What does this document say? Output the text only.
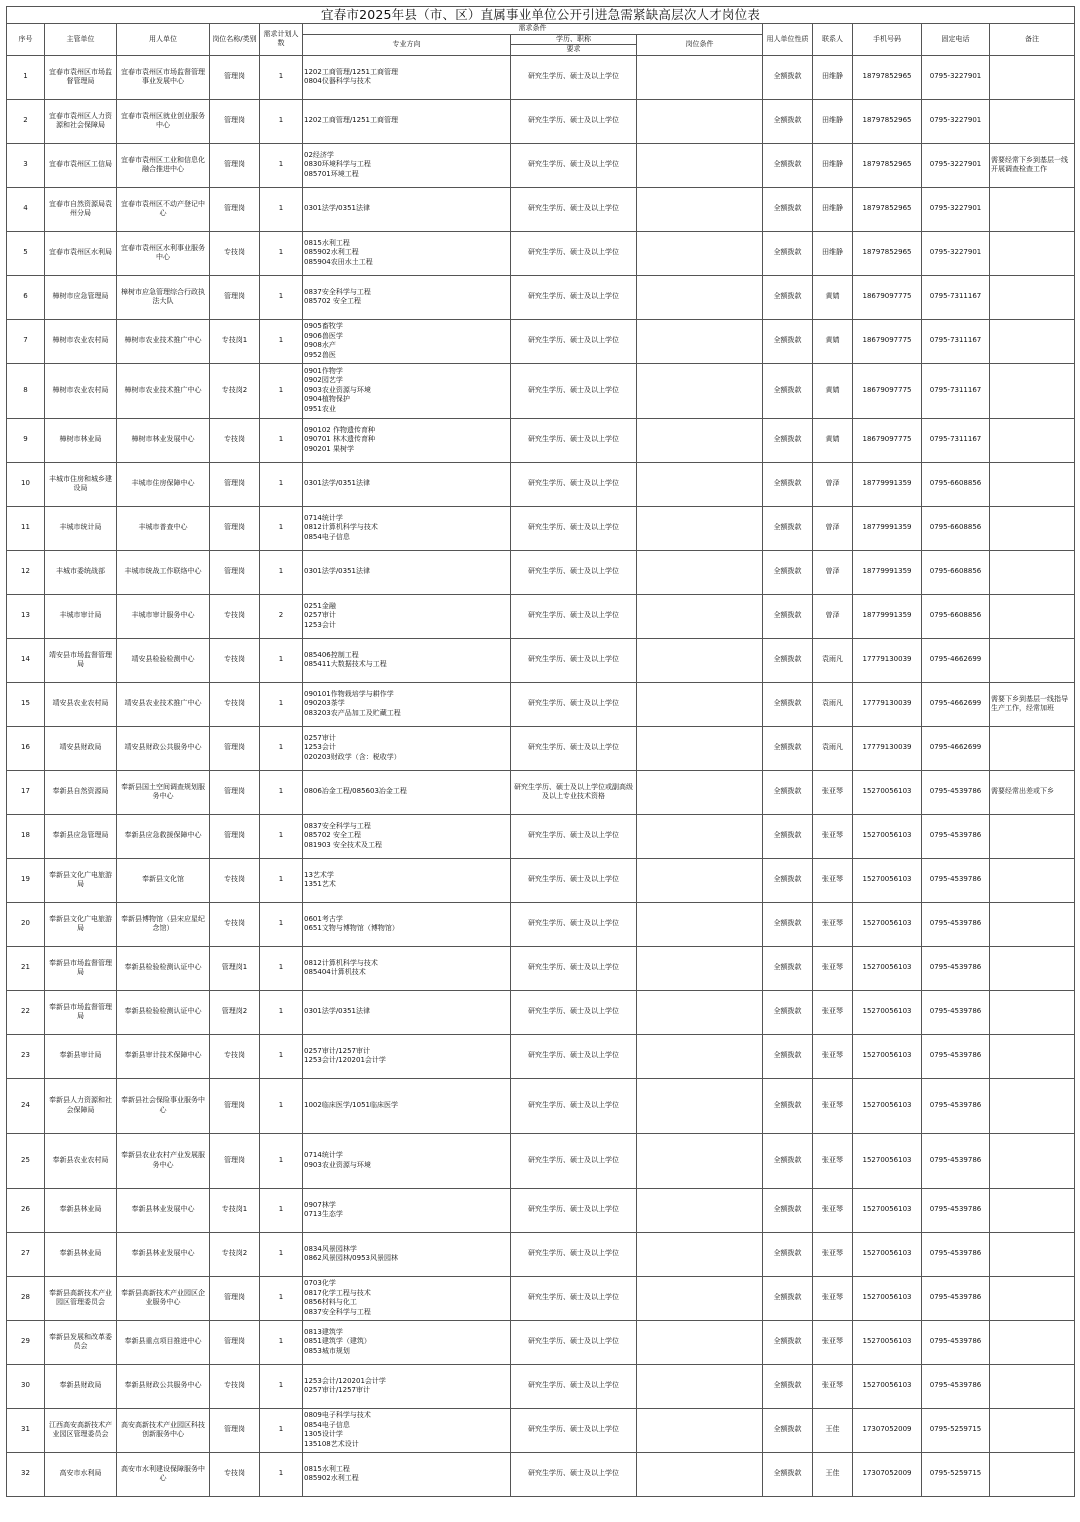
宜春市2025年县（市、区）直属事业单位公开引进急需紧缺高层次人才岗位表												
序号	主管单位	用人单位	岗位名称/类别	需求计划人数	需求条件			用人单位性质	联系人	手机号码	固定电话	备注
					专业方向	学历、职称	岗位条件					
						要求						
1	宜春市袁州区市场监督管理局	宜春市袁州区市场监督管理事业发展中心	管理岗	1	1202工商管理/1251工商管理
0804仪器科学与技术	研究生学历、硕士及以上学位		全额拨款	田维静	18797852965	0795-3227901	
2	宜春市袁州区人力资源和社会保障局	宜春市袁州区就业创业服务中心	管理岗	1	1202工商管理/1251工商管理	研究生学历、硕士及以上学位		全额拨款	田维静	18797852965	0795-3227901	
3	宜春市袁州区工信局	宜春市袁州区工业和信息化融合推进中心	管理岗	1	02经济学
0830环境科学与工程
085701环境工程	研究生学历、硕士及以上学位		全额拨款	田维静	18797852965	0795-3227901	需要经常下乡到基层一线开展调查检查工作
4	宜春市自然资源局袁州分局	宜春市袁州区不动产登记中心	管理岗	1	0301法学/0351法律	研究生学历、硕士及以上学位		全额拨款	田维静	18797852965	0795-3227901	
5	宜春市袁州区水利局	宜春市袁州区水利事业服务中心	专技岗	1	0815水利工程
085902水利工程
085904农田水土工程	研究生学历、硕士及以上学位		全额拨款	田维静	18797852965	0795-3227901	
6	樟树市应急管理局	樟树市应急管理综合行政执法大队	管理岗	1	0837安全科学与工程
085702 安全工程	研究生学历、硕士及以上学位		全额拨款	黄婧	18679097775	0795-7311167	
7	樟树市农业农村局	樟树市农业技术推广中心	专技岗1	1	0905畜牧学
0906兽医学
0908水产
0952兽医	研究生学历、硕士及以上学位		全额拨款	黄婧	18679097775	0795-7311167	
8	樟树市农业农村局	樟树市农业技术推广中心	专技岗2	1	0901作物学
0902园艺学
0903农业资源与环境
0904植物保护
0951农业	研究生学历、硕士及以上学位		全额拨款	黄婧	18679097775	0795-7311167	
9	樟树市林业局	樟树市林业发展中心	专技岗	1	090102 作物遗传育种
090701 林木遗传育种
090201 果树学	研究生学历、硕士及以上学位		全额拨款	黄婧	18679097775	0795-7311167	
10	丰城市住房和城乡建设局	丰城市住房保障中心	管理岗	1	0301法学/0351法律	研究生学历、硕士及以上学位		全额拨款	曾泽	18779991359	0795-6608856	
11	丰城市统计局	丰城市普查中心	管理岗	1	0714统计学
0812计算机科学与技术
0854电子信息	研究生学历、硕士及以上学位		全额拨款	曾泽	18779991359	0795-6608856	
12	丰城市委统战部	丰城市统战工作联络中心	管理岗	1	0301法学/0351法律	研究生学历、硕士及以上学位		全额拨款	曾泽	18779991359	0795-6608856	
13	丰城市审计局	丰城市审计服务中心	专技岗	2	0251金融
0257审计
1253会计	研究生学历、硕士及以上学位		全额拨款	曾泽	18779991359	0795-6608856	
14	靖安县市场监督管理局	靖安县检验检测中心	专技岗	1	085406控制工程
085411大数据技术与工程	研究生学历、硕士及以上学位		全额拨款	袁雨凡	17779130039	0795-4662699	
15	靖安县农业农村局	靖安县农业技术推广中心	专技岗	1	090101作物栽培学与耕作学
090203茶学
083203农产品加工及贮藏工程	研究生学历、硕士及以上学位		全额拨款	袁雨凡	17779130039	0795-4662699	需要下乡到基层一线指导生产工作，经常加班
16	靖安县财政局	靖安县财政公共服务中心	管理岗	1	0257审计
1253会计
020203财政学（含：税收学）	研究生学历、硕士及以上学位		全额拨款	袁雨凡	17779130039	0795-4662699	
17	奉新县自然资源局	奉新县国土空间调查规划服务中心	管理岗	1	0806冶金工程/085603冶金工程	研究生学历、硕士及以上学位或副高级及以上专业技术资格		全额拨款	张亚琴	15270056103	0795-4539786	需要经常出差或下乡
18	奉新县应急管理局	奉新县应急救援保障中心	管理岗	1	0837安全科学与工程
085702 安全工程
081903 安全技术及工程	研究生学历、硕士及以上学位		全额拨款	张亚琴	15270056103	0795-4539786	
19	奉新县文化广电旅游局	奉新县文化馆	专技岗	1	13艺术学
1351艺术	研究生学历、硕士及以上学位		全额拨款	张亚琴	15270056103	0795-4539786	
20	奉新县文化广电旅游局	奉新县博物馆（县宋应星纪念馆）	专技岗	1	0601考古学
0651文物与博物馆（博物馆）	研究生学历、硕士及以上学位		全额拨款	张亚琴	15270056103	0795-4539786	
21	奉新县市场监督管理局	奉新县检验检测认证中心	管理岗1	1	0812计算机科学与技术
085404计算机技术	研究生学历、硕士及以上学位		全额拨款	张亚琴	15270056103	0795-4539786	
22	奉新县市场监督管理局	奉新县检验检测认证中心	管理岗2	1	0301法学/0351法律	研究生学历、硕士及以上学位		全额拨款	张亚琴	15270056103	0795-4539786	
23	奉新县审计局	奉新县审计技术保障中心	专技岗	1	0257审计/1257审计
1253会计/120201会计学	研究生学历、硕士及以上学位		全额拨款	张亚琴	15270056103	0795-4539786	
24	奉新县人力资源和社会保障局	奉新县社会保险事业服务中心	管理岗	1	1002临床医学/1051临床医学	研究生学历、硕士及以上学位		全额拨款	张亚琴	15270056103	0795-4539786	
25	奉新县农业农村局	奉新县农业农村产业发展服务中心	管理岗	1	0714统计学
0903农业资源与环境	研究生学历、硕士及以上学位		全额拨款	张亚琴	15270056103	0795-4539786	
26	奉新县林业局	奉新县林业发展中心	专技岗1	1	0907林学
0713生态学	研究生学历、硕士及以上学位		全额拨款	张亚琴	15270056103	0795-4539786	
27	奉新县林业局	奉新县林业发展中心	专技岗2	1	0834风景园林学
0862风景园林/0953风景园林	研究生学历、硕士及以上学位		全额拨款	张亚琴	15270056103	0795-4539786	
28	奉新县高新技术产业园区管理委员会	奉新县高新技术产业园区企业服务中心	管理岗	1	0703化学
0817化学工程与技术
0856材料与化工
0837安全科学与工程	研究生学历、硕士及以上学位		全额拨款	张亚琴	15270056103	0795-4539786	
29	奉新县发展和改革委员会	奉新县重点项目推进中心	管理岗	1	0813建筑学
0851建筑学（建筑）
0853城市规划	研究生学历、硕士及以上学位		全额拨款	张亚琴	15270056103	0795-4539786	
30	奉新县财政局	奉新县财政公共服务中心	专技岗	1	1253会计/120201会计学
0257审计/1257审计	研究生学历、硕士及以上学位		全额拨款	张亚琴	15270056103	0795-4539786	
31	江西高安高新技术产业园区管理委员会	高安高新技术产业园区科技创新服务中心	管理岗	1	0809电子科学与技术
0854电子信息
1305设计学
135108艺术设计	研究生学历、硕士及以上学位		全额拨款	王佳	17307052009	0795-5259715	
32	高安市水利局	高安市水利建设保障服务中心	专技岗	1	0815水利工程
085902水利工程	研究生学历、硕士及以上学位		全额拨款	王佳	17307052009	0795-5259715	
